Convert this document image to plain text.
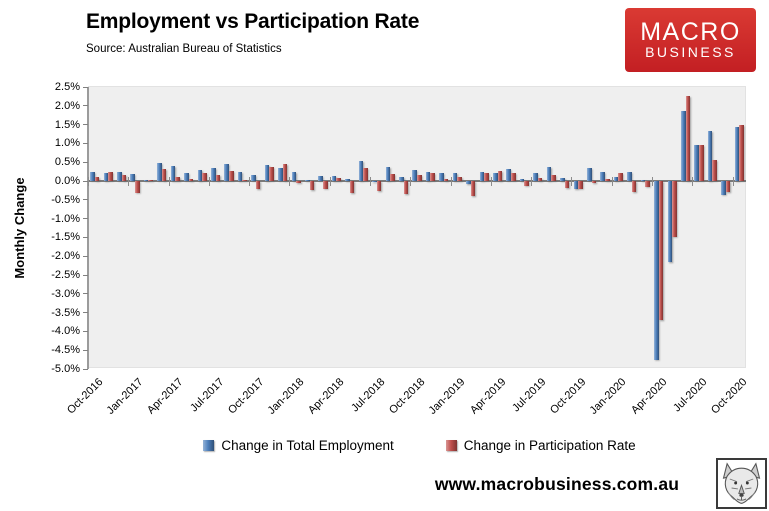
Employment vs Participation Rate
Source: Australian Bureau of Statistics
MACRO
BUSINESS
Monthly Change
2.5%
2.0%
1.5%
1.0%
0.5%
0.0%
-0.5%
-1.0%
-1.5%
-2.0%
-2.5%
-3.0%
-3.5%
-4.0%
-4.5%
-5.0%
Oct-2016 Jan-2017 Apr-2017 Jul-2017 Oct-2017 Jan-2018 Apr-2018 Jul-2018 Oct-2018 Jan-2019 Apr-2019 Jul-2019 Oct-2019 Jan-2020 Apr-2020 Jul-2020 Oct-2020
Change in Total Employment	Change in Participation Rate
www.macrobusiness.com.au
